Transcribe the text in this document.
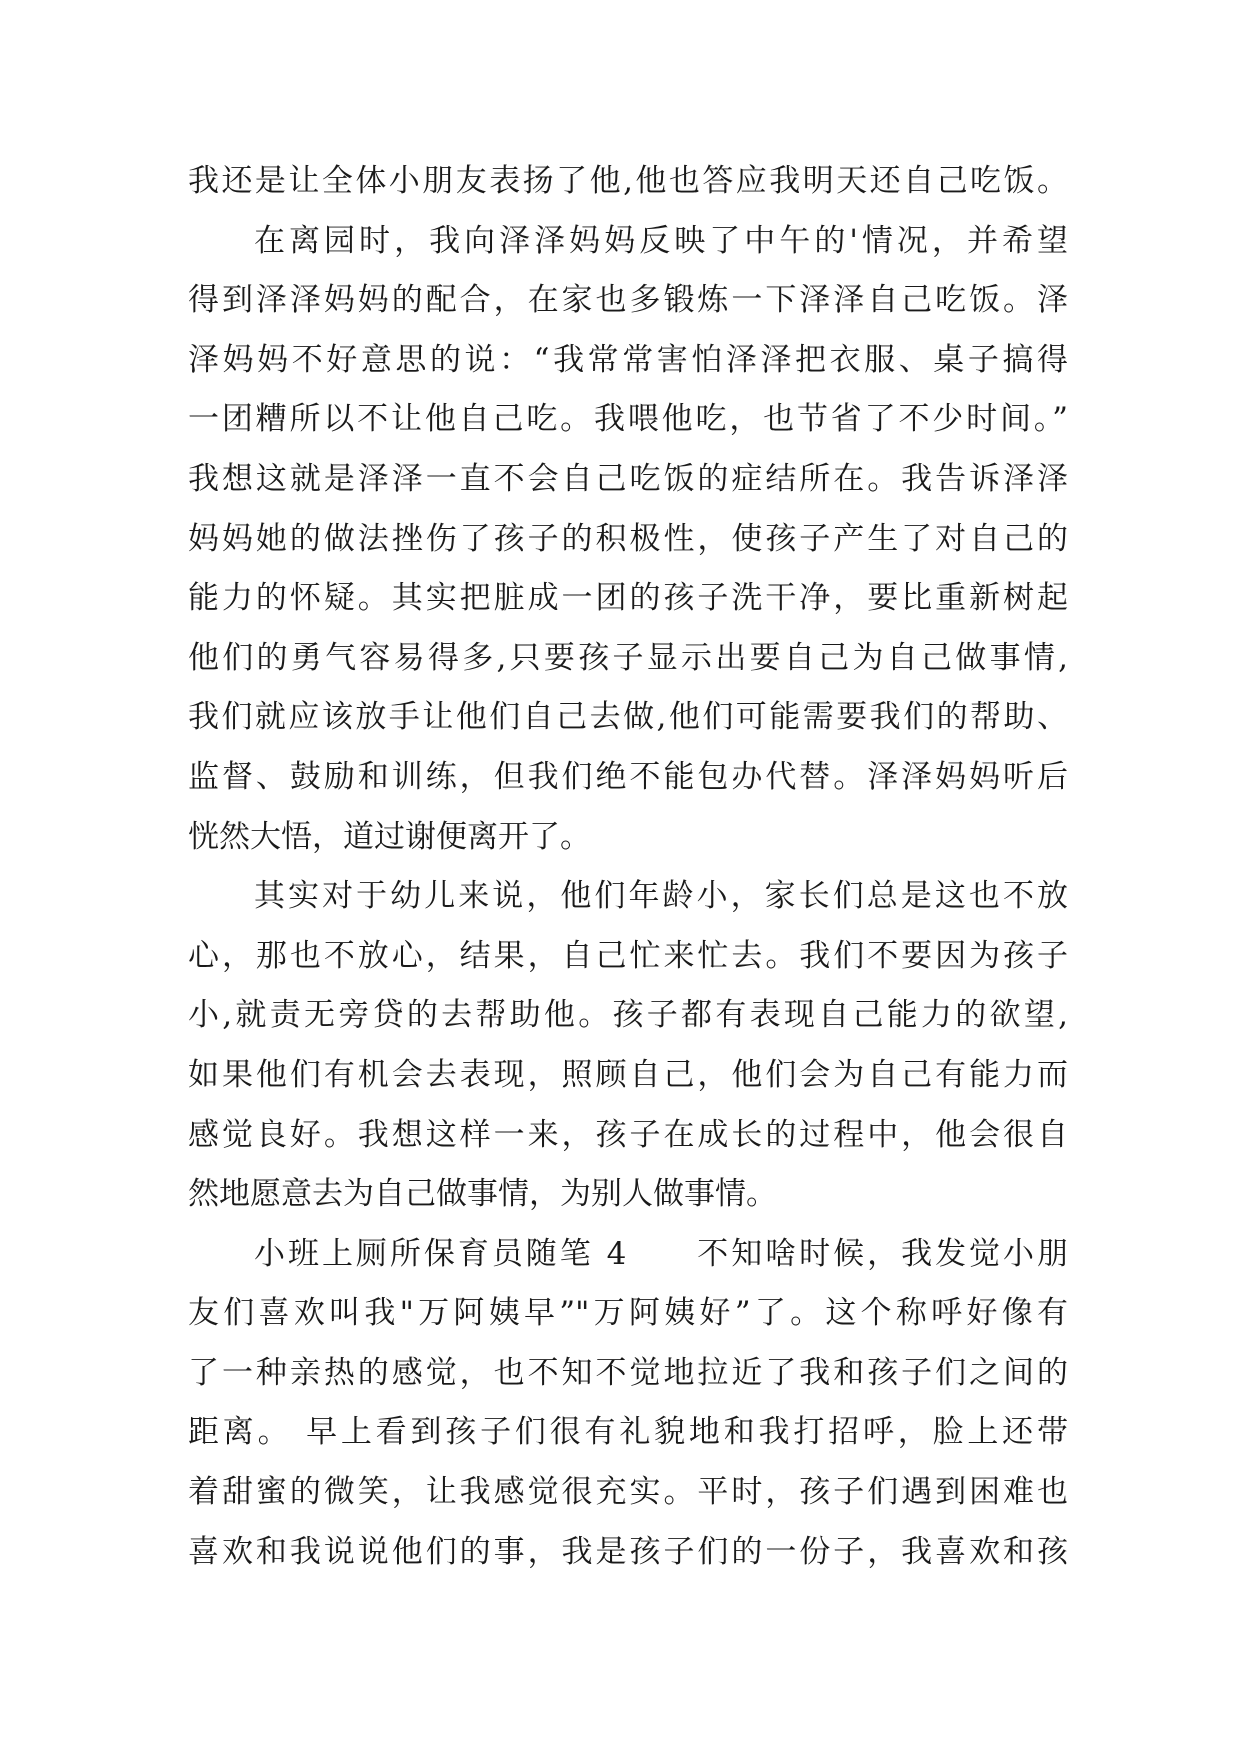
我还是让全体小朋友表扬了他,他也答应我明天还自己吃饭。
在离园时，我向泽泽妈妈反映了中午的'情况，并希望
得到泽泽妈妈的配合，在家也多锻炼一下泽泽自己吃饭。泽
泽妈妈不好意思的说：“我常常害怕泽泽把衣服、桌子搞得
一团糟所以不让他自己吃。我喂他吃，也节省了不少时间。”
我想这就是泽泽一直不会自己吃饭的症结所在。我告诉泽泽
妈妈她的做法挫伤了孩子的积极性，使孩子产生了对自己的
能力的怀疑。其实把脏成一团的孩子洗干净，要比重新树起
他们的勇气容易得多,只要孩子显示出要自己为自己做事情,
我们就应该放手让他们自己去做,他们可能需要我们的帮助、
监督、鼓励和训练，但我们绝不能包办代替。泽泽妈妈听后
恍然大悟，道过谢便离开了。
其实对于幼儿来说，他们年龄小，家长们总是这也不放
心，那也不放心，结果，自己忙来忙去。我们不要因为孩子
小,就责无旁贷的去帮助他。孩子都有表现自己能力的欲望,
如果他们有机会去表现，照顾自己，他们会为自己有能力而
感觉良好。我想这样一来，孩子在成长的过程中，他会很自
然地愿意去为自己做事情，为别人做事情。
小班上厕所保育员随笔 4　　不知啥时候，我发觉小朋
友们喜欢叫我"万阿姨早”"万阿姨好”了。这个称呼好像有
了一种亲热的感觉，也不知不觉地拉近了我和孩子们之间的
距离。 早上看到孩子们很有礼貌地和我打招呼，脸上还带
着甜蜜的微笑，让我感觉很充实。平时，孩子们遇到困难也
喜欢和我说说他们的事，我是孩子们的一份子，我喜欢和孩
